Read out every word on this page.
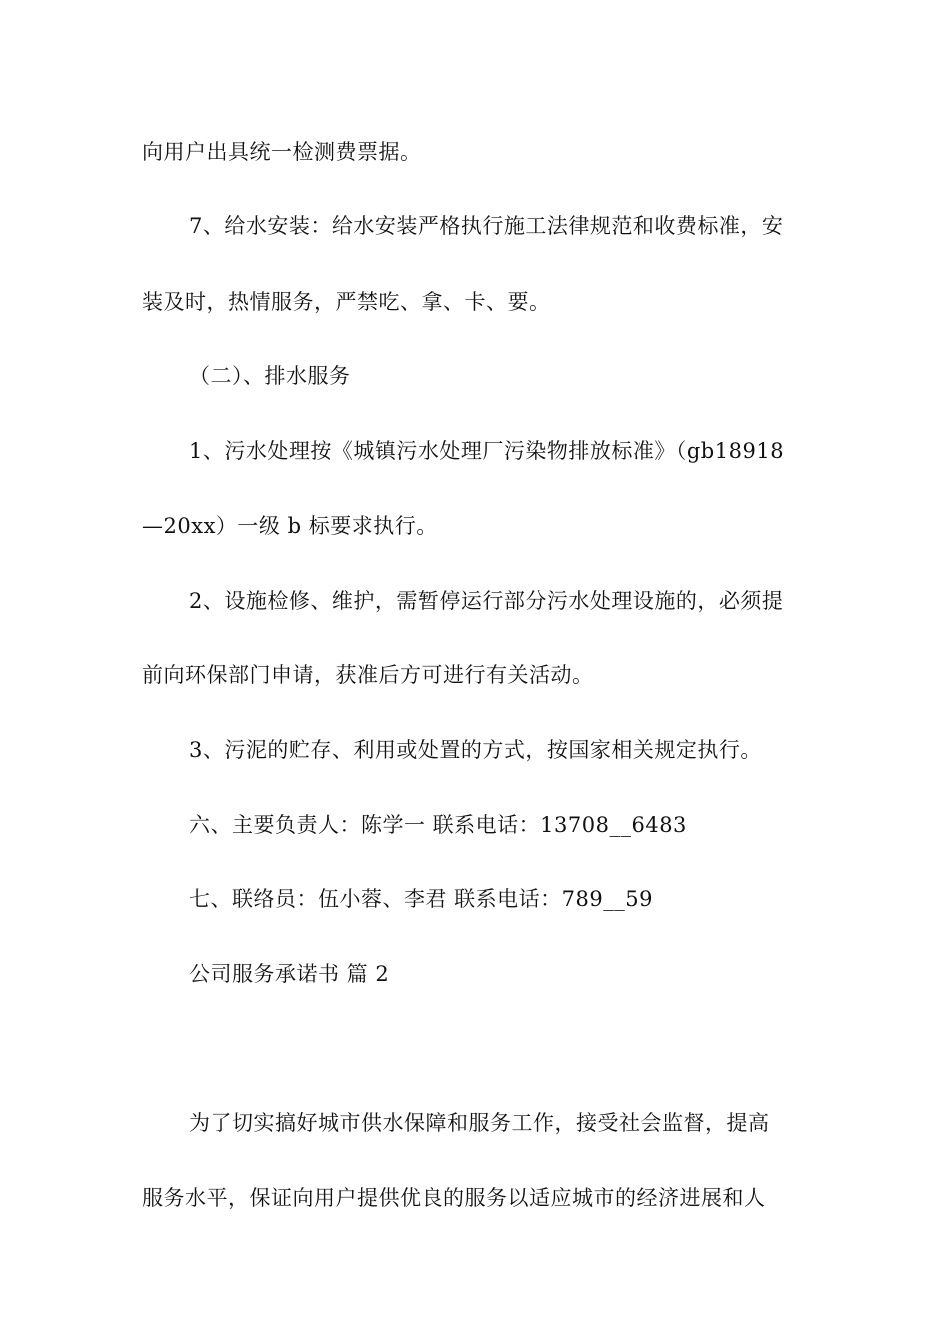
向用户出具统一检测费票据。
7、给水安装：给水安装严格执行施工法律规范和收费标准，安
装及时，热情服务，严禁吃、拿、卡、要。
（二）、排水服务
1、污水处理按《城镇污水处理厂污染物排放标准》（gb18918
—20xx）一级 b 标要求执行。
2、设施检修、维护，需暂停运行部分污水处理设施的，必须提
前向环保部门申请，获准后方可进行有关活动。
3、污泥的贮存、利用或处置的方式，按国家相关规定执行。
六、主要负责人：陈学一 联系电话：13708__6483
七、联络员：伍小蓉、李君 联系电话：789__59
公司服务承诺书 篇 2
为了切实搞好城市供水保障和服务工作，接受社会监督，提高
服务水平，保证向用户提供优良的服务以适应城市的经济进展和人
